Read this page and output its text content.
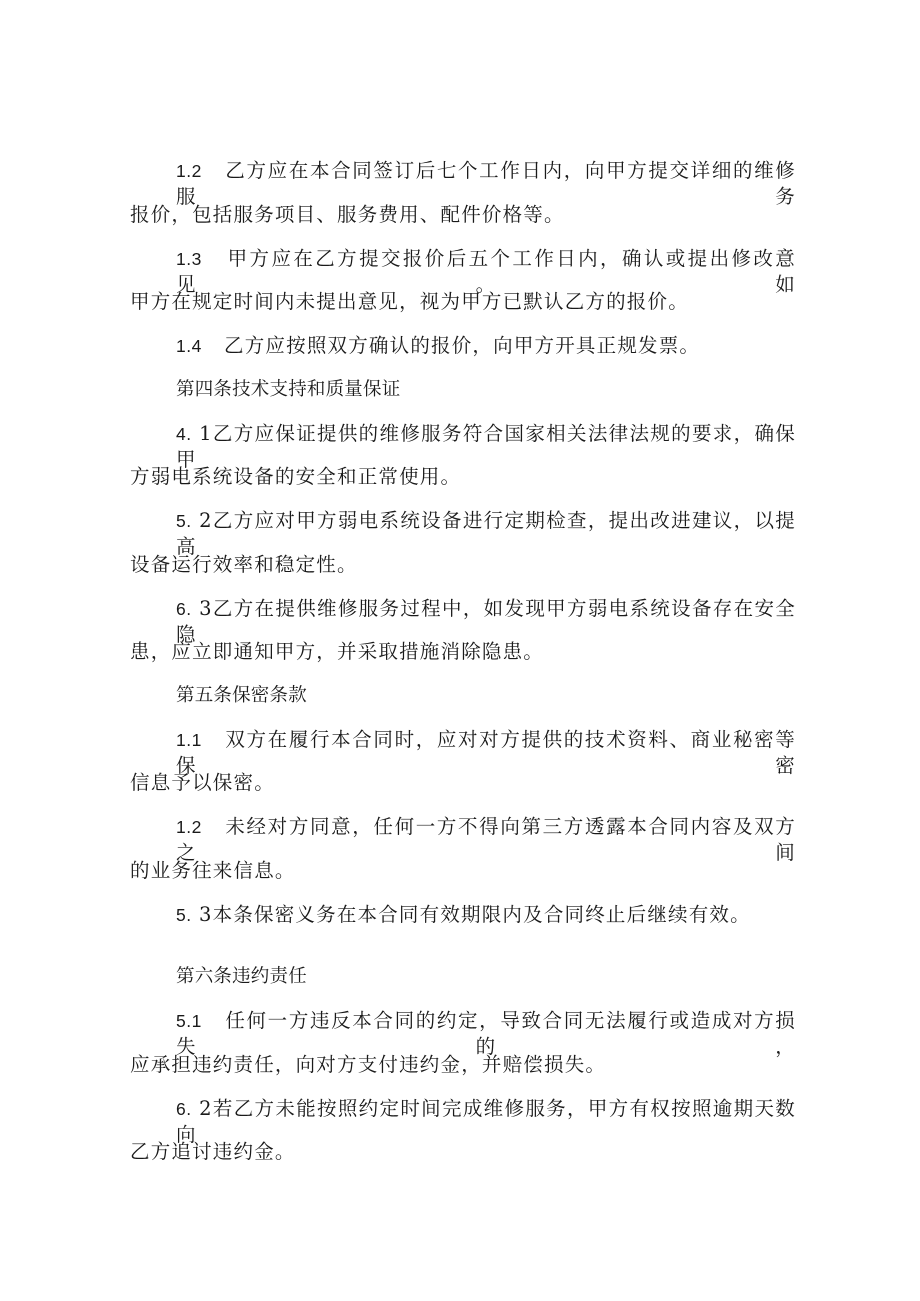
1.2 乙方应在本合同签订后七个工作日内，向甲方提交详细的维修服务
报价，包括服务项目、服务费用、配件价格等。
1.3 甲方应在乙方提交报价后五个工作日内，确认或提出修改意见。如
甲方在规定时间内未提出意见，视为甲方已默认乙方的报价。
1.4 乙方应按照双方确认的报价，向甲方开具正规发票。
第四条技术支持和质量保证
4. 1乙方应保证提供的维修服务符合国家相关法律法规的要求，确保甲
方弱电系统设备的安全和正常使用。
5. 2乙方应对甲方弱电系统设备进行定期检查，提出改进建议，以提高
设备运行效率和稳定性。
6. 3乙方在提供维修服务过程中，如发现甲方弱电系统设备存在安全隐
患，应立即通知甲方，并采取措施消除隐患。
第五条保密条款
1.1 双方在履行本合同时，应对对方提供的技术资料、商业秘密等保密
信息予以保密。
1.2 未经对方同意，任何一方不得向第三方透露本合同内容及双方之间
的业务往来信息。
5. 3本条保密义务在本合同有效期限内及合同终止后继续有效。
第六条违约责任
5.1 任何一方违反本合同的约定，导致合同无法履行或造成对方损失的，
应承担违约责任，向对方支付违约金，并赔偿损失。
6. 2若乙方未能按照约定时间完成维修服务，甲方有权按照逾期天数向
乙方追讨违约金。
